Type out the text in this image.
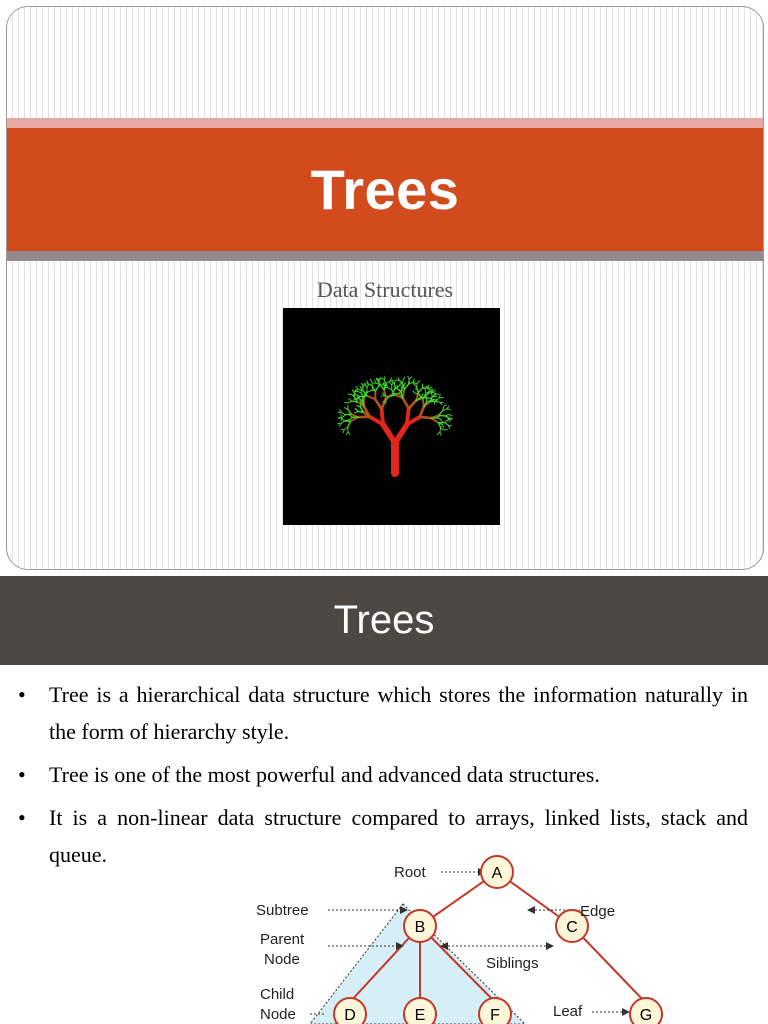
Trees
Data Structures
Trees
• Tree is a hierarchical data structure which stores the information naturally in the form of hierarchy style.
• Tree is one of the most powerful and advanced data structures.
• It is a non-linear data structure compared to arrays, linked lists, stack and queue.
A
B	C
D	E	F	G
Root
Subtree
Parent
Node
Child
Node
Edge
Siblings
Leaf
